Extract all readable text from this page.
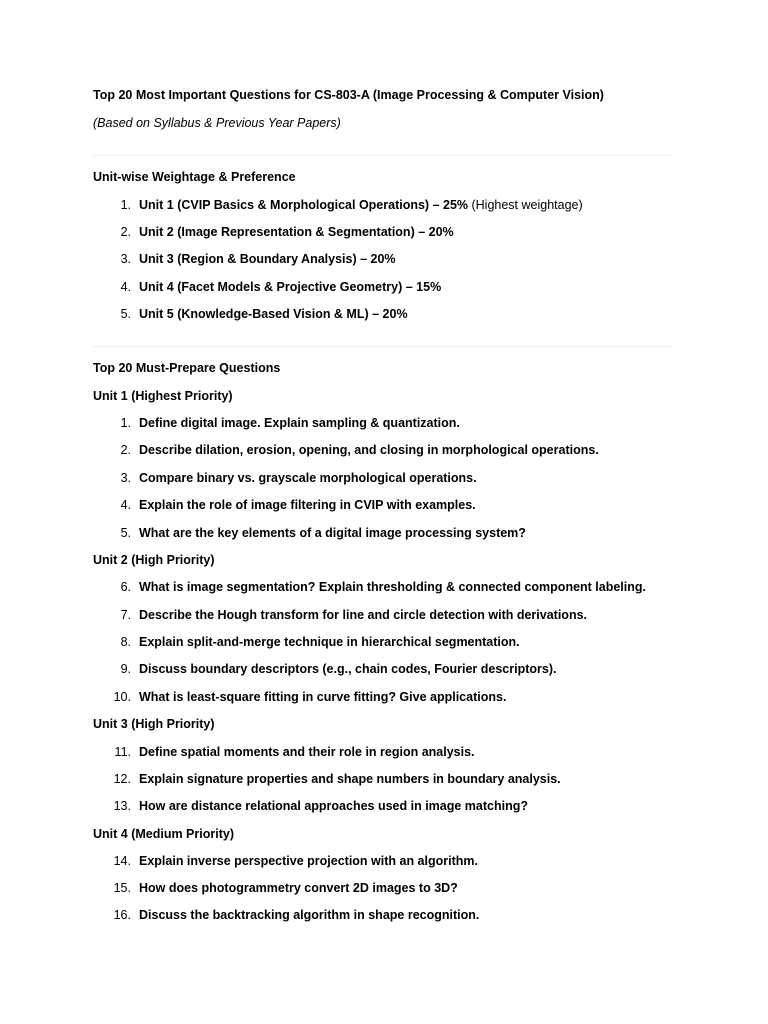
Top 20 Most Important Questions for CS-803-A (Image Processing & Computer Vision)
(Based on Syllabus & Previous Year Papers)
Unit-wise Weightage & Preference
1. Unit 1 (CVIP Basics & Morphological Operations) – 25% (Highest weightage)
2. Unit 2 (Image Representation & Segmentation) – 20%
3. Unit 3 (Region & Boundary Analysis) – 20%
4. Unit 4 (Facet Models & Projective Geometry) – 15%
5. Unit 5 (Knowledge-Based Vision & ML) – 20%
Top 20 Must-Prepare Questions
Unit 1 (Highest Priority)
1. Define digital image. Explain sampling & quantization.
2. Describe dilation, erosion, opening, and closing in morphological operations.
3. Compare binary vs. grayscale morphological operations.
4. Explain the role of image filtering in CVIP with examples.
5. What are the key elements of a digital image processing system?
Unit 2 (High Priority)
6. What is image segmentation? Explain thresholding & connected component labeling.
7. Describe the Hough transform for line and circle detection with derivations.
8. Explain split-and-merge technique in hierarchical segmentation.
9. Discuss boundary descriptors (e.g., chain codes, Fourier descriptors).
10. What is least-square fitting in curve fitting? Give applications.
Unit 3 (High Priority)
11. Define spatial moments and their role in region analysis.
12. Explain signature properties and shape numbers in boundary analysis.
13. How are distance relational approaches used in image matching?
Unit 4 (Medium Priority)
14. Explain inverse perspective projection with an algorithm.
15. How does photogrammetry convert 2D images to 3D?
16. Discuss the backtracking algorithm in shape recognition.
